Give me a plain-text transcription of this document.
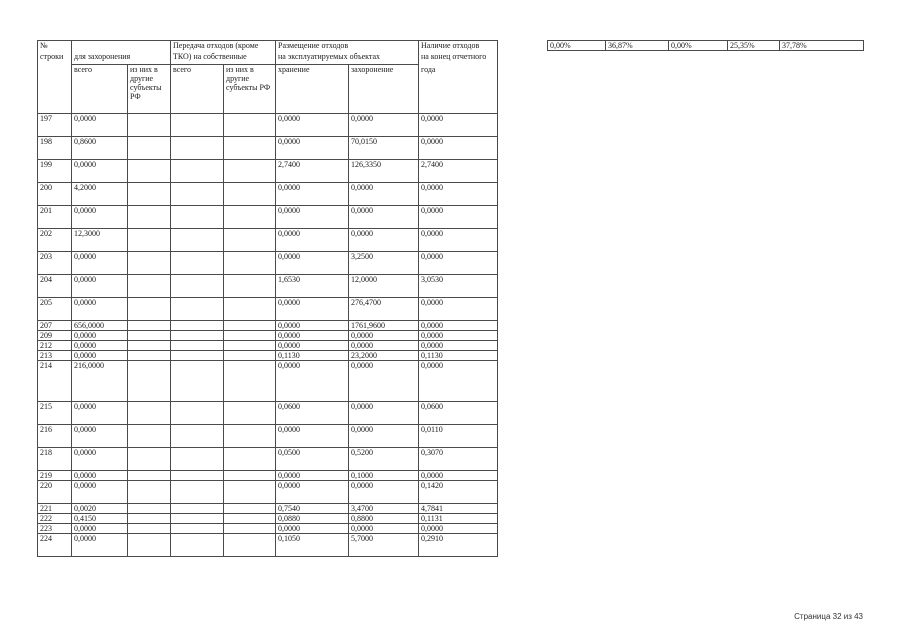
№			Передача отходов (кроме		Размещение отходов		Наличие отходов
строки	для захоронения		ТКО) на собственные		на эксплуатируемых объектах		на конец отчетного
	всего	из них в другие субъекты РФ	всего	из них в другие субъекты РФ	хранение	захоронение	года
197	0,0000				0,0000	0,0000	0,0000
198	0,8600				0,0000	70,0150	0,0000
199	0,0000				2,7400	126,3350	2,7400
200	4,2000				0,0000	0,0000	0,0000
201	0,0000				0,0000	0,0000	0,0000
202	12,3000				0,0000	0,0000	0,0000
203	0,0000				0,0000	3,2500	0,0000
204	0,0000				1,6530	12,0000	3,0530
205	0,0000				0,0000	276,4700	0,0000
207	656,0000				0,0000	1761,9600	0,0000
209	0,0000				0,0000	0,0000	0,0000
212	0,0000				0,0000	0,0000	0,0000
213	0,0000				0,1130	23,2000	0,1130
214	216,0000				0,0000	0,0000	0,0000
215	0,0000				0,0600	0,0000	0,0600
216	0,0000				0,0000	0,0000	0,0110
218	0,0000				0,0500	0,5200	0,3070
219	0,0000				0,0000	0,1000	0,0000
220	0,0000				0,0000	0,0000	0,1420
221	0,0020				0,7540	3,4700	4,7841
222	0,4150				0,0880	0,8800	0,1131
223	0,0000				0,0000	0,0000	0,0000
224	0,0000				0,1050	5,7000	0,2910
0,00%	36,87%	0,00%	25,35%	37,78%
Страница 32 из 43
